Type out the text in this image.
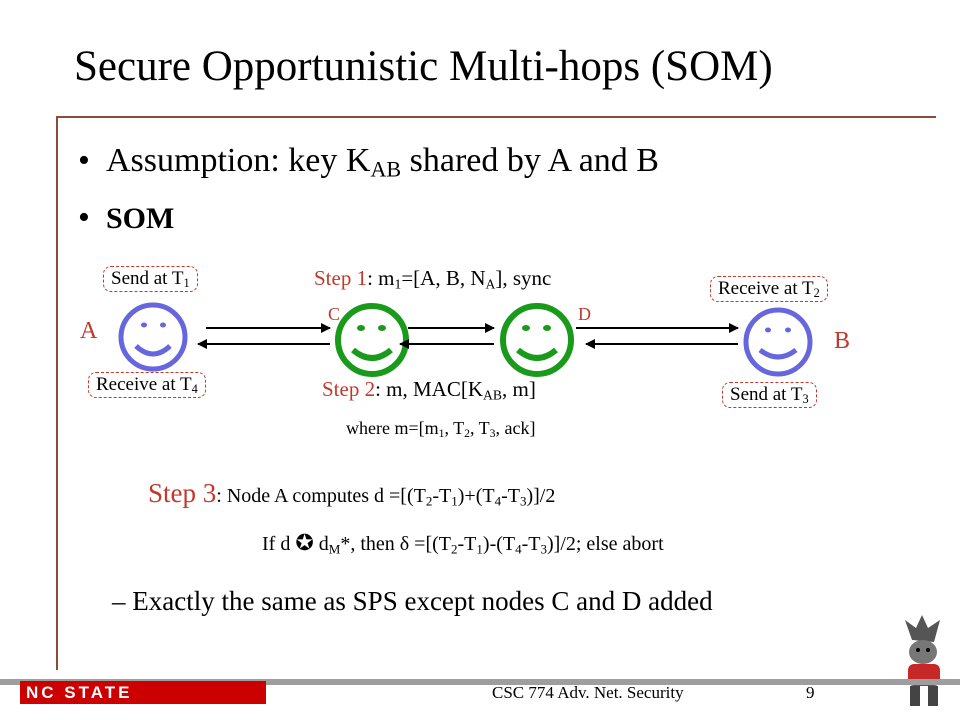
Secure Opportunistic Multi-hops (SOM)
• Assumption: key $K_{AB}$ shared by A and B
• SOM
A	B
C	D
Send at $T_1$
Receive at $T_4$
Receive at $T_2$
Send at $T_3$
Step 1: $m_1=[A$, B, $N_A$], sync
Step 2: m, $MAC[K_{AB}$, m]
where $m=[m_1$, $T_2$, $T_3$, ack]
Step 3: Node A computes $d =[(T_2-T_1)+(T_4-T_3)]/2$
If d ✪ $d_M*$, then $\delta =[(T_2-T_1)-(T_4-T_3)]/2$; else abort
– Exactly the same as SPS except nodes C and D added
NC STATE UNIVERSITY
CSC 774 Adv. Net. Security	9
